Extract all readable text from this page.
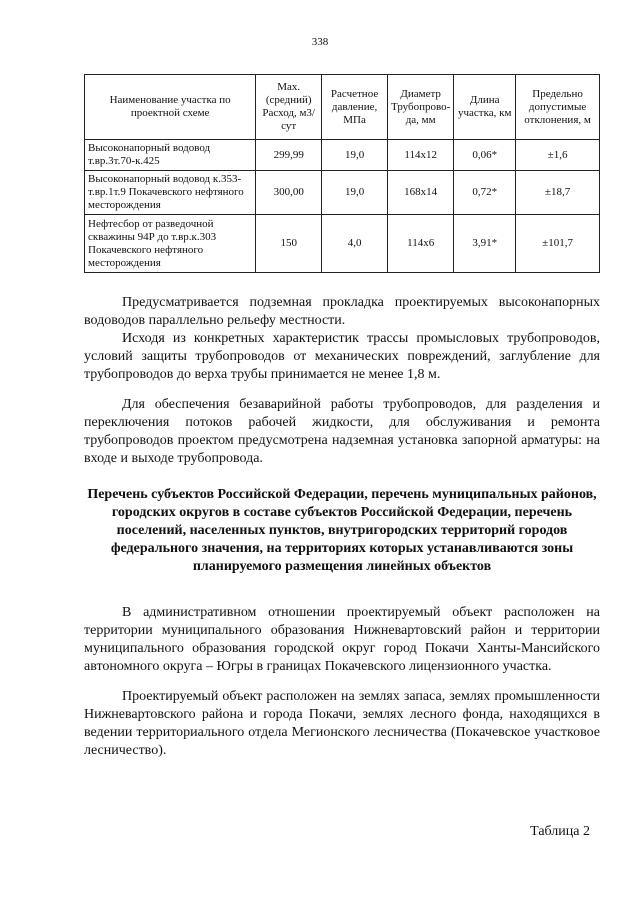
338
Наименование участка по проектной схеме	Мах. (средний) Расход, м3/сут	Расчетное давление, МПа	Диаметр Трубопрово-да, мм	Длина участка, км	Предельно допустимые отклонения, м
Высоконапорный водовод т.вр.3т.70-к.425	299,99	19,0	114x12	0,06*	±1,6
Высоконапорный водовод к.353-т.вр.1т.9 Покачевского нефтяного месторождения	300,00	19,0	168x14	0,72*	±18,7
Нефтесбор от разведочной скважины 94Р до т.вр.к.303 Покачевского нефтяного месторождения	150	4,0	114x6	3,91*	±101,7

Предусматривается подземная прокладка проектируемых высоконапорных водоводов параллельно рельефу местности.

Исходя из конкретных характеристик трассы промысловых трубопроводов, условий защиты трубопроводов от механических повреждений, заглубление для трубопроводов до верха трубы принимается не менее 1,8 м.

Для обеспечения безаварийной работы трубопроводов, для разделения и переключения потоков рабочей жидкости, для обслуживания и ремонта трубопроводов проектом предусмотрена надземная установка запорной арматуры: на входе и выходе трубопровода.

Перечень субъектов Российской Федерации, перечень муниципальных районов, городских округов в составе субъектов Российской Федерации, перечень поселений, населенных пунктов, внутригородских территорий городов федерального значения, на территориях которых устанавливаются зоны планируемого размещения линейных объектов

В административном отношении проектируемый объект расположен на территории муниципального образования Нижневартовский район и территории муниципального образования городской округ город Покачи Ханты-Мансийского автономного округа – Югры в границах Покачевского лицензионного участка.

Проектируемый объект расположен на землях запаса, землях промышленности Нижневартовского района и города Покачи, землях лесного фонда, находящихся в ведении территориального отдела Мегионского лесничества (Покачевское участковое лесничество).

Таблица 2
